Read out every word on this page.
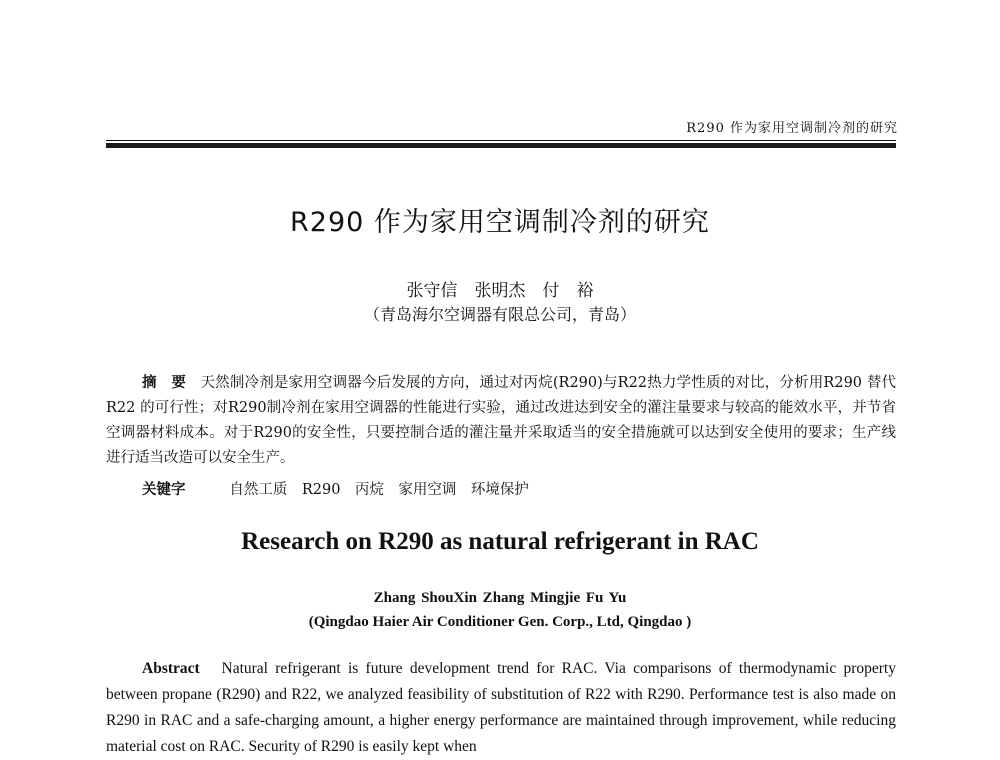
R290 作为家用空调制冷剂的研究
R290 作为家用空调制冷剂的研究
张守信　张明杰　付　裕
（青岛海尔空调器有限总公司，青岛）
摘　要 天然制冷剂是家用空调器今后发展的方向，通过对丙烷(R290)与R22热力学性质的对比，分析用R290 替代R22 的可行性；对R290制冷剂在家用空调器的性能进行实验，通过改进达到安全的灌注量要求与较高的能效水平，并节省空调器材料成本。对于R290的安全性，只要控制合适的灌注量并采取适当的安全措施就可以达到安全使用的要求；生产线进行适当改造可以安全生产。
关键字	自然工质　R290　丙烷　家用空调　环境保护
Research on R290 as natural refrigerant in RAC
Zhang ShouXin Zhang Mingjie Fu Yu
(Qingdao Haier Air Conditioner Gen. Corp., Ltd, Qingdao )
Abstract Natural refrigerant is future development trend for RAC. Via comparisons of thermodynamic property between propane (R290) and R22, we analyzed feasibility of substitution of R22 with R290. Performance test is also made on R290 in RAC and a safe-charging amount, a higher energy performance are maintained through improvement, while reducing material cost on RAC. Security of R290 is easily kept when
